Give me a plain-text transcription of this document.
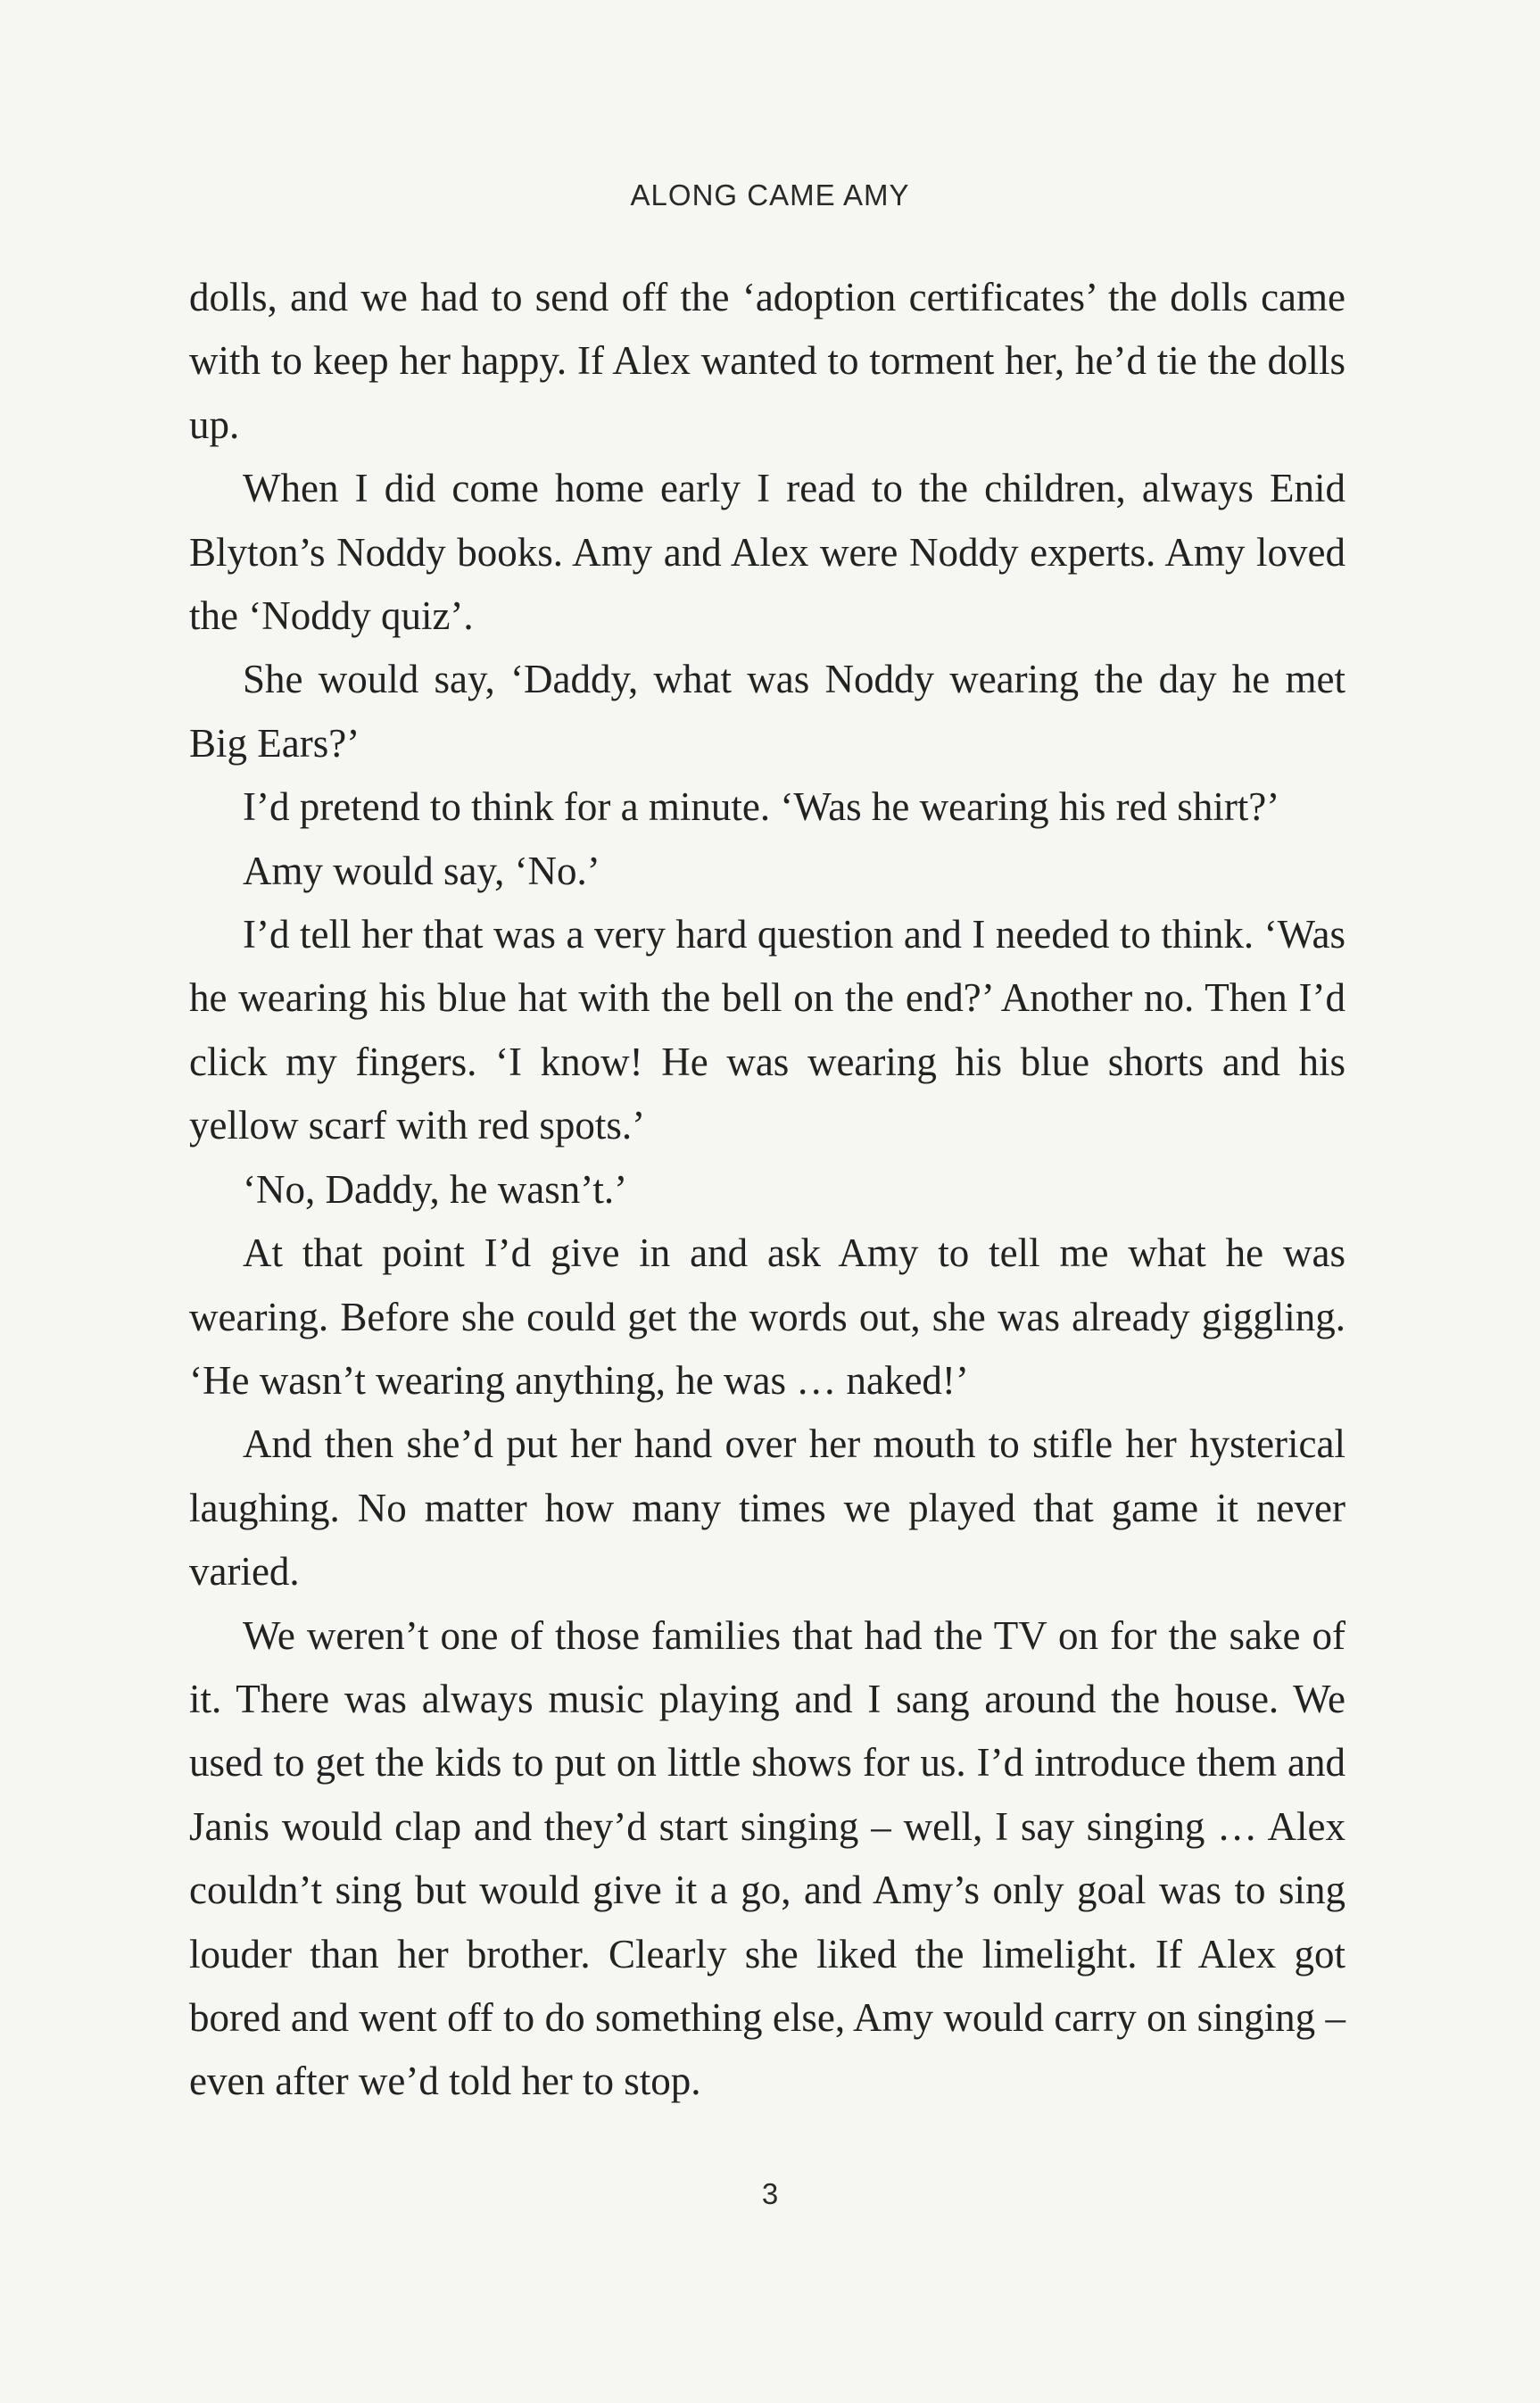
ALONG CAME AMY

dolls, and we had to send off the ‘adoption certificates’ the dolls came with to keep her happy. If Alex wanted to torment her, he’d tie the dolls up.

When I did come home early I read to the children, always Enid Blyton’s Noddy books. Amy and Alex were Noddy experts. Amy loved the ‘Noddy quiz’.

She would say, ‘Daddy, what was Noddy wearing the day he met Big Ears?’

I’d pretend to think for a minute. ‘Was he wearing his red shirt?’

Amy would say, ‘No.’

I’d tell her that was a very hard question and I needed to think. ‘Was he wearing his blue hat with the bell on the end?’ Another no. Then I’d click my fingers. ‘I know! He was wearing his blue shorts and his yellow scarf with red spots.’

‘No, Daddy, he wasn’t.’

At that point I’d give in and ask Amy to tell me what he was wearing. Before she could get the words out, she was already giggling. ‘He wasn’t wearing anything, he was … naked!’

And then she’d put her hand over her mouth to stifle her hysterical laughing. No matter how many times we played that game it never varied.

We weren’t one of those families that had the TV on for the sake of it. There was always music playing and I sang around the house. We used to get the kids to put on little shows for us. I’d introduce them and Janis would clap and they’d start singing – well, I say singing … Alex couldn’t sing but would give it a go, and Amy’s only goal was to sing louder than her brother. Clearly she liked the limelight. If Alex got bored and went off to do something else, Amy would carry on singing – even after we’d told her to stop.

3
